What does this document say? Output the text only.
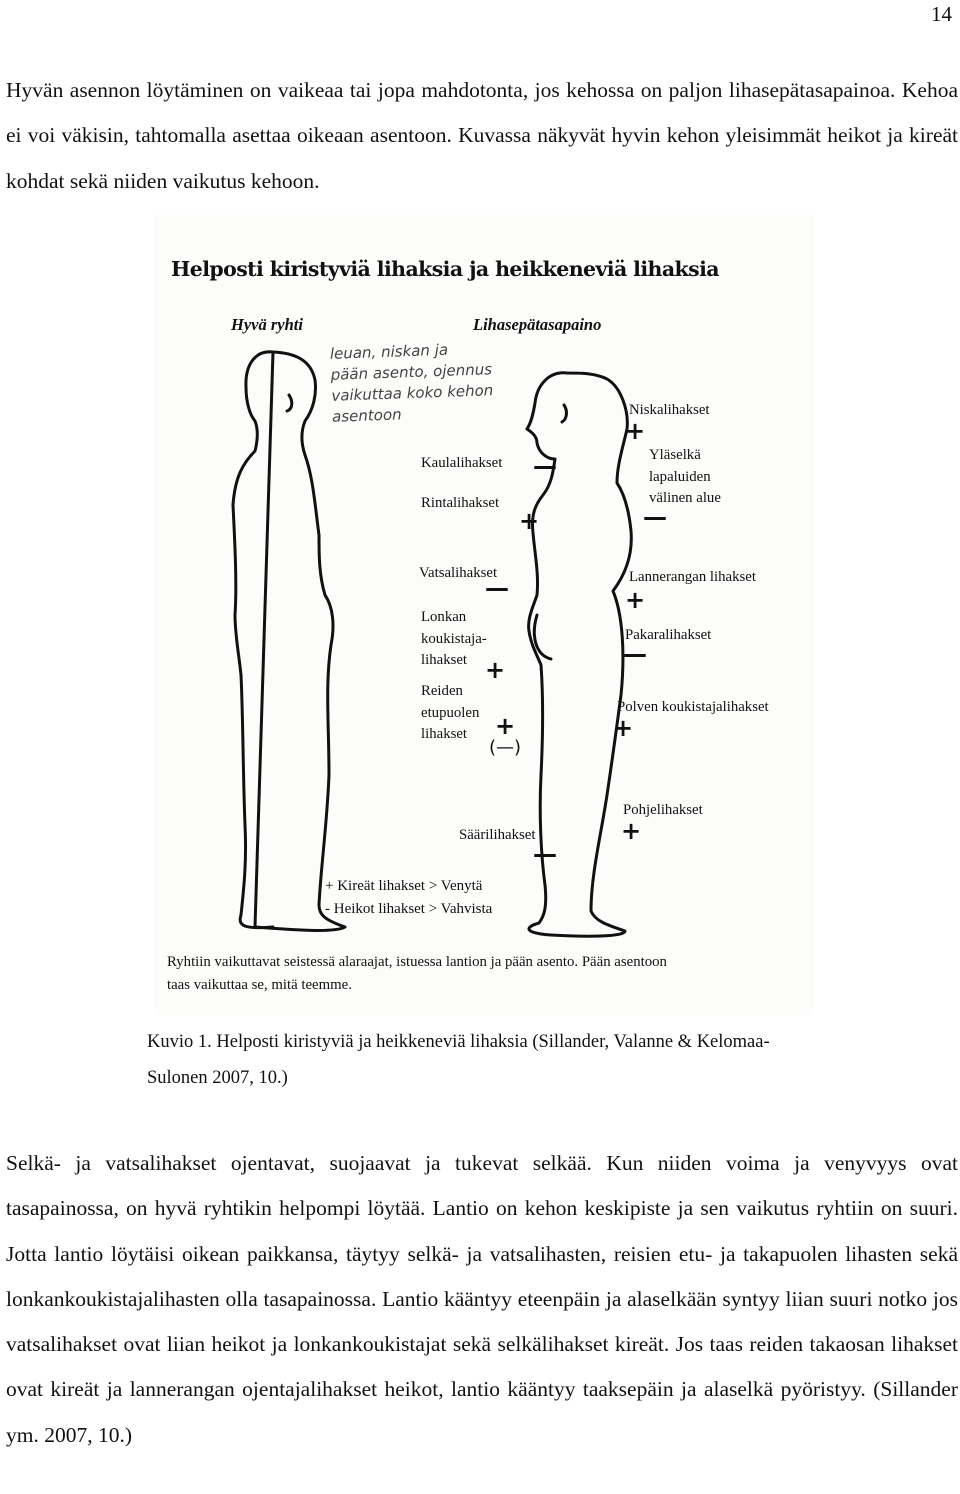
14

Hyvän asennon löytäminen on vaikeaa tai jopa mahdotonta, jos kehossa on paljon lihasepätasapainoa. Kehoa ei voi väkisin, tahtomalla asettaa oikeaan asentoon. Kuvassa näkyvät hyvin kehon yleisimmät heikot ja kireät kohdat sekä niiden vaikutus kehoon.

Helposti kiristyviä lihaksia ja heikkeneviä lihaksia
Hyvä ryhti	Lihasepätasapaino
leuan, niskan ja
pään asento, ojennus
vaikuttaa koko kehon
asentoon	Niskalihakset
+
Yläselkä
lapaluiden
välinen alue
—
Lannerangan lihakset
+
Pakaralihakset
—
Polven koukistajalihakset
+
Pohjelihakset
+
Kaulalihakset —
Rintalihakset
+
Vatsalihakset
—
Lonkan
koukistaja-
lihakset +
Reiden
etupuolen
lihakset	+
(—)
Säärilihakset
—
+ Kireät lihakset > Venytä
- Heikot lihakset > Vahvista
Ryhtiin vaikuttavat seistessä alaraajat, istuessa lantion ja pään asento. Pään asentoon
taas vaikuttaa se, mitä teemme.
Kuvio 1. Helposti kiristyviä ja heikkeneviä lihaksia (Sillander, Valanne & Kelomaa-Sulonen 2007, 10.)

Selkä- ja vatsalihakset ojentavat, suojaavat ja tukevat selkää. Kun niiden voima ja venyvyys ovat tasapainossa, on hyvä ryhtikin helpompi löytää. Lantio on kehon keskipiste ja sen vaikutus ryhtiin on suuri. Jotta lantio löytäisi oikean paikkansa, täytyy selkä- ja vatsalihasten, reisien etu- ja takapuolen lihasten sekä lonkankoukistajalihasten olla tasapainossa. Lantio kääntyy eteenpäin ja alaselkään syntyy liian suuri notko jos vatsalihakset ovat liian heikot ja lonkankoukistajat sekä selkälihakset kireät. Jos taas reiden takaosan lihakset ovat kireät ja lannerangan ojentajalihakset heikot, lantio kääntyy taaksepäin ja alaselkä pyöristyy. (Sillander ym. 2007, 10.)
